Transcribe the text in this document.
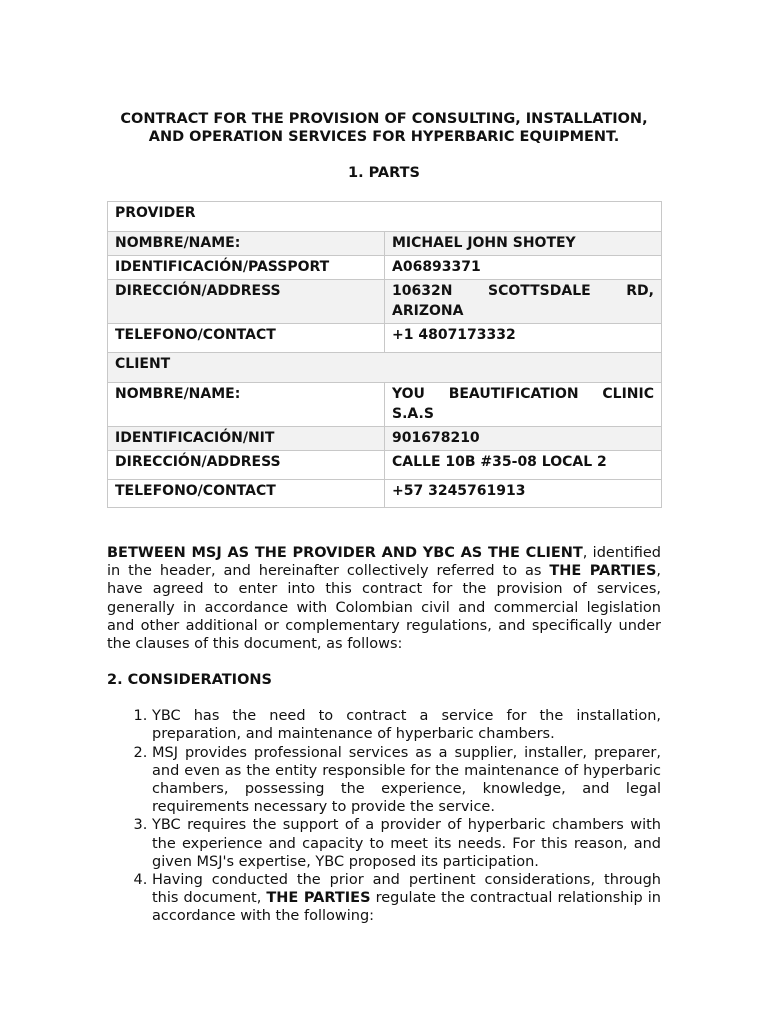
CONTRACT FOR THE PROVISION OF CONSULTING, INSTALLATION,
AND OPERATION SERVICES FOR HYPERBARIC EQUIPMENT.
1. PARTS
PROVIDER	
NOMBRE/NAME:	MICHAEL JOHN SHOTEY
IDENTIFICACIÓN/PASSPORT	A06893371
DIRECCIÓN/ADDRESS	10632N SCOTTSDALE RD,
ARIZONA

TELEFONO/CONTACT	+1 4807173332
CLIENT	
NOMBRE/NAME:	YOU BEAUTIFICATION CLINIC
S.A.S

IDENTIFICACIÓN/NIT	901678210
DIRECCIÓN/ADDRESS	CALLE 10B #35-08 LOCAL 2
TELEFONO/CONTACT	+57 3245761913

BETWEEN MSJ AS THE PROVIDER AND YBC AS THE CLIENT, identified in the header, and hereinafter collectively referred to as THE PARTIES, have agreed to enter into this contract for the provision of services, generally in accordance with Colombian civil and commercial legislation and other additional or complementary regulations, and specifically under the clauses of this document, as follows:

2. CONSIDERATIONS
1. YBC has the need to contract a service for the installation, preparation, and maintenance of hyperbaric chambers.
2. MSJ provides professional services as a supplier, installer, preparer, and even as the entity responsible for the maintenance of hyperbaric chambers, possessing the experience, knowledge, and legal requirements necessary to provide the service.
3. YBC requires the support of a provider of hyperbaric chambers with the experience and capacity to meet its needs. For this reason, and given MSJ's expertise, YBC proposed its participation.
4. Having conducted the prior and pertinent considerations, through this document, THE PARTIES regulate the contractual relationship in accordance with the following:
